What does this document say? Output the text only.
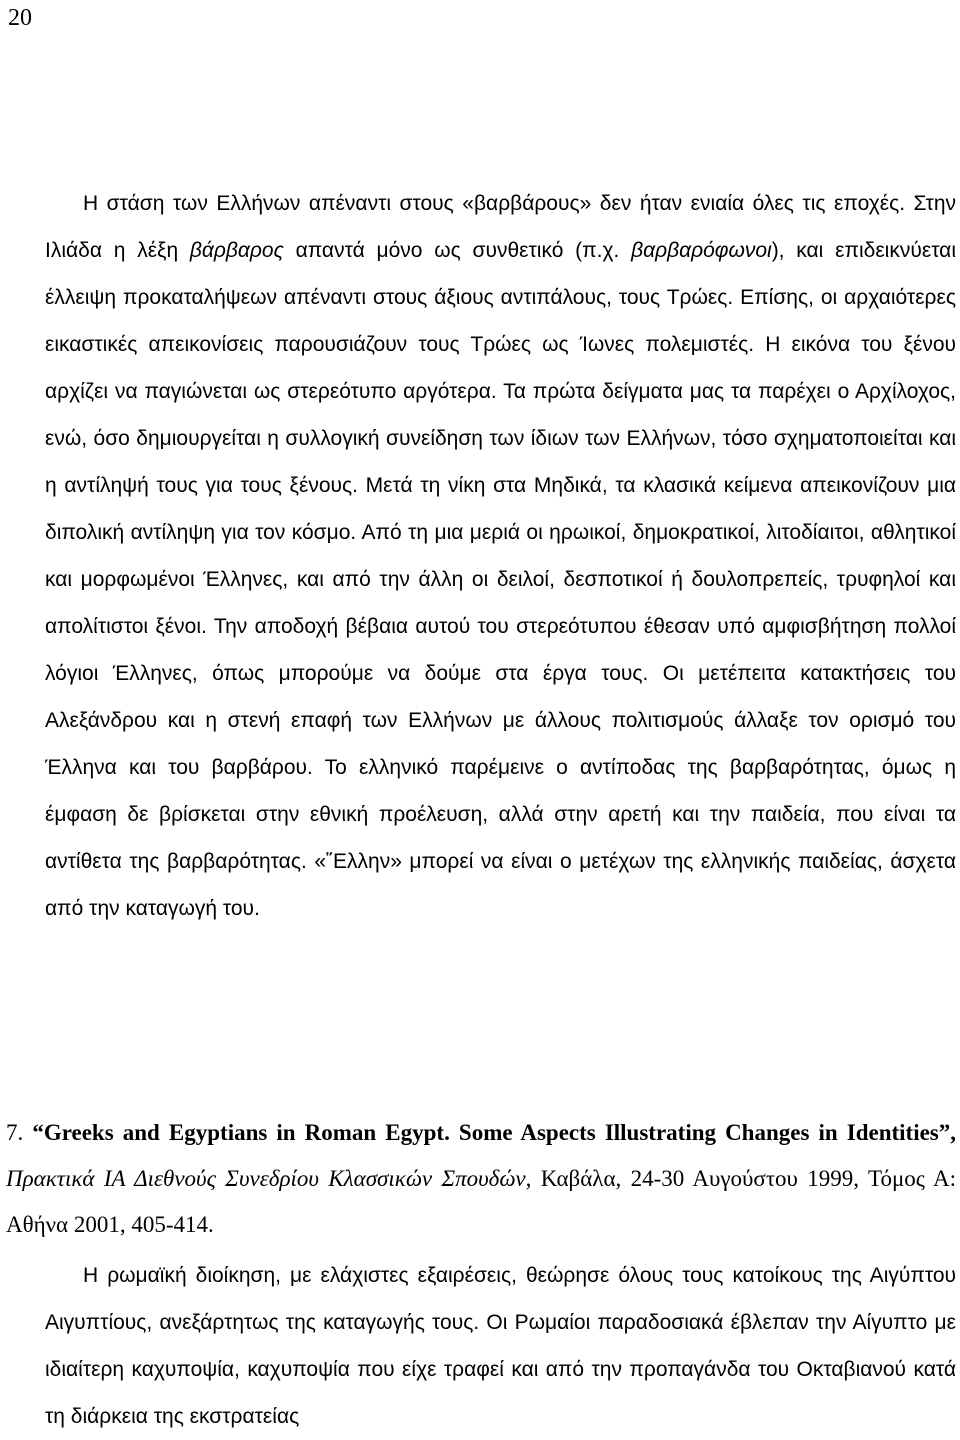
20

Η στάση των Ελλήνων απέναντι στους «βαρβάρους» δεν ήταν ενιαία όλες τις εποχές. Στην Ιλιάδα η λέξη βάρβαρος απαντά μόνο ως συνθετικό (π.χ. βαρβαρόφωνοι), και επιδεικνύεται έλλειψη προκαταλήψεων απέναντι στους άξιους αντιπάλους, τους Τρώες. Επίσης, οι αρχαιότερες εικαστικές απεικονίσεις παρουσιάζουν τους Τρώες ως Ίωνες πολεμιστές. Η εικόνα του ξένου αρχίζει να παγιώνεται ως στερεότυπο αργότερα. Τα πρώτα δείγματα μας τα παρέχει ο Αρχίλοχος, ενώ, όσο δημιουργείται η συλλογική συνείδηση των ίδιων των Ελλήνων, τόσο σχηματοποιείται και η αντίληψή τους για τους ξένους. Μετά τη νίκη στα Μηδικά, τα κλασικά κείμενα απεικονίζουν μια διπολική αντίληψη για τον κόσμο. Από τη μια μεριά οι ηρωικοί, δημοκρατικοί, λιτοδίαιτοι, αθλητικοί και μορφωμένοι Έλληνες, και από την άλλη οι δειλοί, δεσποτικοί ή δουλοπρεπείς, τρυφηλοί και απολίτιστοι ξένοι. Την αποδοχή βέβαια αυτού του στερεότυπου έθεσαν υπό αμφισβήτηση πολλοί λόγιοι Έλληνες, όπως μπορούμε να δούμε στα έργα τους. Οι μετέπειτα κατακτήσεις του Αλεξάνδρου και η στενή επαφή των Ελλήνων με άλλους πολιτισμούς άλλαξε τον ορισμό του Έλληνα και του βαρβάρου. Το ελληνικό παρέμεινε ο αντίποδας της βαρβαρότητας, όμως η έμφαση δε βρίσκεται στην εθνική προέλευση, αλλά στην αρετή και την παιδεία, που είναι τα αντίθετα της βαρβαρότητας. «῞Ελλην» μπορεί να είναι ο μετέχων της ελληνικής παιδείας, άσχετα από την καταγωγή του.

7. “Greeks and Egyptians in Roman Egypt. Some Aspects Illustrating Changes in Identities”, Πρακτικά ΙΑ Διεθνούς Συνεδρίου Κλασσικών Σπουδών, Καβάλα, 24-30 Αυγούστου 1999, Τόμος Α: Αθήνα 2001, 405-414.

Η ρωμαϊκή διοίκηση, με ελάχιστες εξαιρέσεις, θεώρησε όλους τους κατοίκους της Αιγύπτου Αιγυπτίους, ανεξάρτητως της καταγωγής τους. Οι Ρωμαίοι παραδοσιακά έβλεπαν την Αίγυπτο με ιδιαίτερη καχυποψία, καχυποψία που είχε τραφεί και από την προπαγάνδα του Οκταβιανού κατά τη διάρκεια της εκστρατείας
